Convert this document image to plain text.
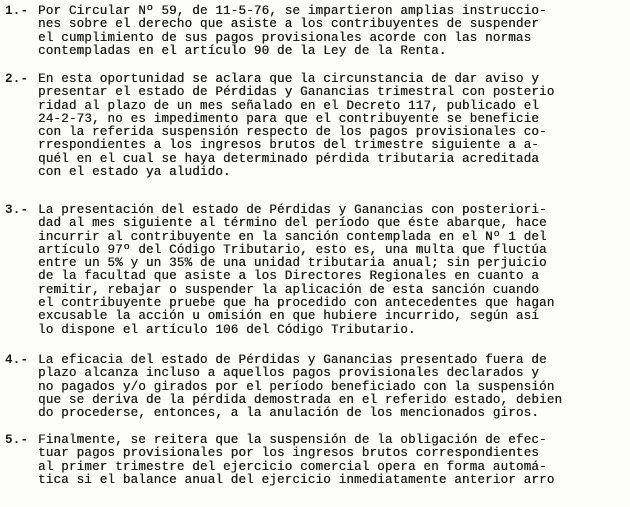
1.- Por Circular Nº 59, de 11-5-76, se impartieron amplias instruccio-
nes sobre el derecho que asiste a los contribuyentes de suspender
el cumplimiento de sus pagos provisionales acorde con las normas
contempladas en el artículo 90 de la Ley de la Renta.
2.- En esta oportunidad se aclara que la circunstancia de dar aviso y
presentar el estado de Pérdidas y Ganancias trimestral con posterio
ridad al plazo de un mes señalado en el Decreto 117, publicado el
24-2-73, no es impedimento para que el contribuyente se beneficie
con la referida suspensión respecto de los pagos provisionales co-
rrespondientes a los ingresos brutos del trimestre siguiente a a-
quél en el cual se haya determinado pérdida tributaria acreditada
con el estado ya aludido.
3.- La presentación del estado de Pérdidas y Ganancias con posteriori-
dad al mes siguiente al término del período que éste abarque, hace
incurrir al contribuyente en la sanción contemplada en el Nº 1 del
artículo 97º del Código Tributario, esto es, una multa que fluctúa
entre un 5% y un 35% de una unidad tributaria anual; sin perjuicio
de la facultad que asiste a los Directores Regionales en cuanto a
remitir, rebajar o suspender la aplicación de esta sanción cuando
el contribuyente pruebe que ha procedido con antecedentes que hagan
excusable la acción u omisión en que hubiere incurrido, según así
lo dispone el artículo 106 del Código Tributario.
4.- La eficacia del estado de Pérdidas y Ganancias presentado fuera de
plazo alcanza incluso a aquellos pagos provisionales declarados y
no pagados y/o girados por el período beneficiado con la suspensión
que se deriva de la pérdida demostrada en el referido estado, debien
do procederse, entonces, a la anulación de los mencionados giros.
5.- Finalmente, se reitera que la suspensión de la obligación de efec-
tuar pagos provisionales por los ingresos brutos correspondientes
al primer trimestre del ejercicio comercial opera en forma automá-
tica si el balance anual del ejercicio inmediatamente anterior arro
